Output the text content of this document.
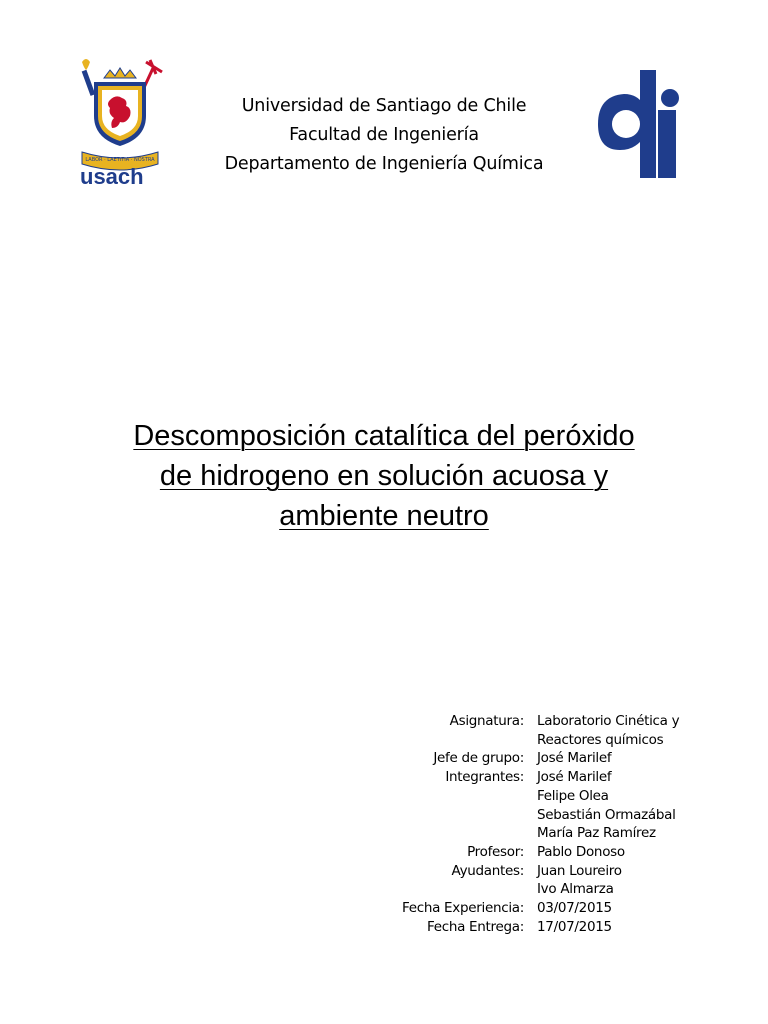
LABOR · LAETITIA · NOSTRA
usach
Universidad de Santiago de Chile
Facultad de Ingeniería
Departamento de Ingeniería Química
Descomposición catalítica del peróxido
de hidrogeno en solución acuosa y
ambiente neutro
Asignatura: Laboratorio Cinética y
Reactores químicos
Jefe de grupo: José Marilef
Integrantes: José Marilef
Felipe Olea
Sebastián Ormazábal
María Paz Ramírez
Profesor: Pablo Donoso
Ayudantes: Juan Loureiro
Ivo Almarza
Fecha Experiencia: 03/07/2015
Fecha Entrega: 17/07/2015
